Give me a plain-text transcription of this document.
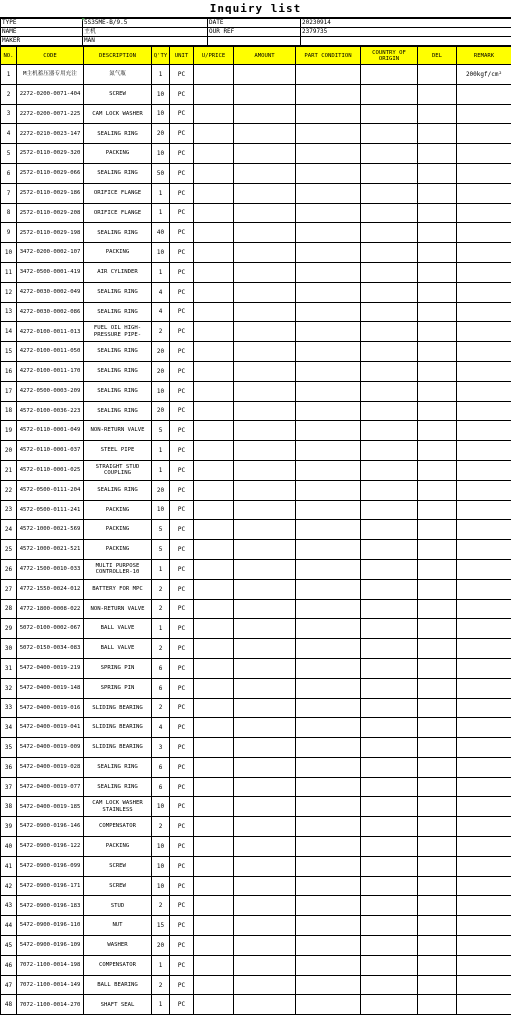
Inquiry list
TYPE	5S35ME-B/9.5	DATE	20230914
NAME	主机	OUR REF	2379735
MAKER	MAN		
NO.	CODE	DESCRIPTION	Q'TY	UNIT	U/PRICE	AMOUNT	PART CONDITION	COUNTRY OF ORIGIN	DEL	REMARK
1	M主机蓄压器专用充注	氮气瓶	1	PC						200kgf/cm²
2	2272-0200-0071-404	SCREW	10	PC						
3	2272-0200-0071-225	CAM LOCK WASHER	10	PC						
4	2272-0210-0023-147	SEALING RING	20	PC						
5	2572-0110-0029-320	PACKING	10	PC						
6	2572-0110-0029-066	SEALING RING	50	PC						
7	2572-0110-0029-186	ORIFICE FLANGE	1	PC						
8	2572-0110-0029-208	ORIFICE FLANGE	1	PC						
9	2572-0110-0029-198	SEALING RING	40	PC						
10	3472-0200-0002-107	PACKING	10	PC						
11	3472-0500-0001-419	AIR CYLINDER	1	PC						
12	4272-0030-0002-049	SEALING RING	4	PC						
13	4272-0030-0002-086	SEALING RING	4	PC						
14	4272-0100-0011-013	FUEL OIL HIGH-PRESSURE PIPE-	2	PC						
15	4272-0100-0011-050	SEALING RING	20	PC						
16	4272-0100-0011-170	SEALING RING	20	PC						
17	4272-0500-0003-209	SEALING RING	10	PC						
18	4572-0100-0036-223	SEALING RING	20	PC						
19	4572-0110-0001-049	NON-RETURN VALVE	5	PC						
20	4572-0110-0001-037	STEEL PIPE	1	PC						
21	4572-0110-0001-025	STRAIGHT STUD COUPLING	1	PC						
22	4572-0500-0111-204	SEALING RING	20	PC						
23	4572-0500-0111-241	PACKING	10	PC						
24	4572-1000-0021-569	PACKING	5	PC						
25	4572-1000-0021-521	PACKING	5	PC						
26	4772-1500-0010-033	MULTI PURPOSE CONTROLLER-10	1	PC						
27	4772-1550-0024-012	BATTERY FOR MPC	2	PC						
28	4772-1800-0008-022	NON-RETURN VALVE	2	PC						
29	5072-0100-0002-067	BALL VALVE	1	PC						
30	5072-0150-0034-083	BALL VALVE	2	PC						
31	5472-0400-0019-219	SPRING PIN	6	PC						
32	5472-0400-0019-148	SPRING PIN	6	PC						
33	5472-0400-0019-016	SLIDING BEARING	2	PC						
34	5472-0400-0019-041	SLIDING BEARING	4	PC						
35	5472-0400-0019-009	SLIDING BEARING	3	PC						
36	5472-0400-0019-028	SEALING RING	6	PC						
37	5472-0400-0019-077	SEALING RING	6	PC						
38	5472-0400-0019-185	CAM LOCK WASHER STAINLESS	10	PC						
39	5472-0900-0196-146	COMPENSATOR	2	PC						
40	5472-0900-0196-122	PACKING	10	PC						
41	5472-0900-0196-099	SCREW	10	PC						
42	5472-0900-0196-171	SCREW	10	PC						
43	5472-0900-0196-183	STUD	2	PC						
44	5472-0900-0196-110	NUT	15	PC						
45	5472-0900-0196-109	WASHER	20	PC						
46	7072-1100-0014-198	COMPENSATOR	1	PC						
47	7072-1100-0014-149	BALL BEARING	2	PC						
48	7072-1100-0014-270	SHAFT SEAL	1	PC						
